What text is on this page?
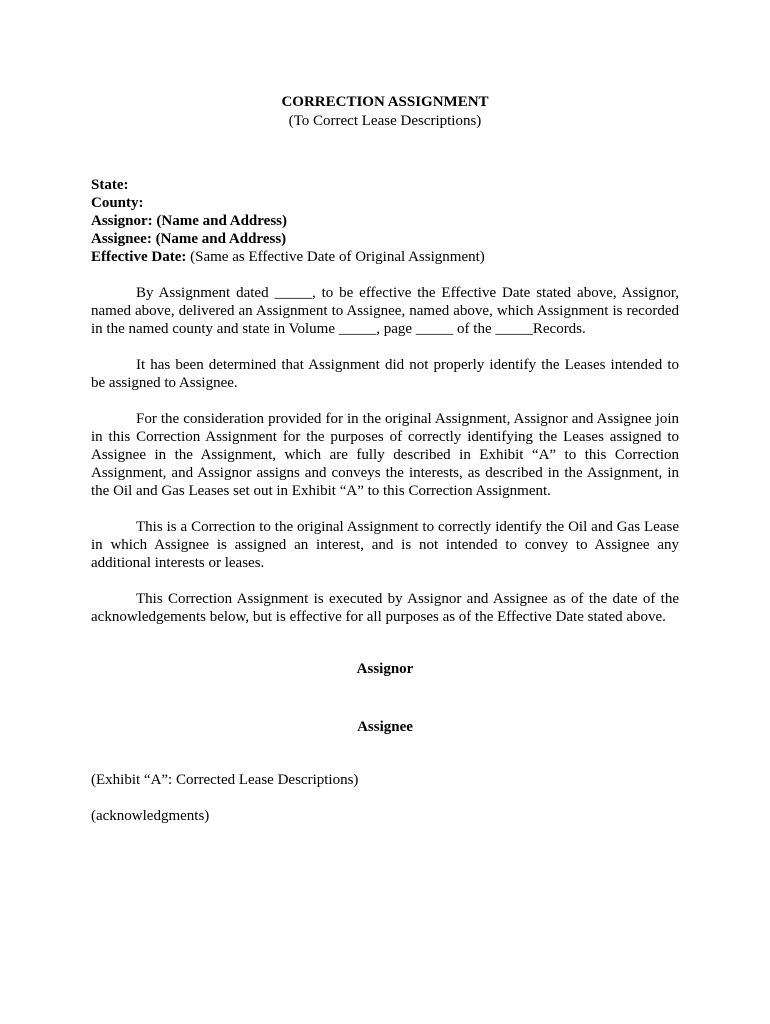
CORRECTION ASSIGNMENT
(To Correct Lease Descriptions)
State:
County:
Assignor: (Name and Address)
Assignee: (Name and Address)
Effective Date: (Same as Effective Date of Original Assignment)

By Assignment dated _____, to be effective the Effective Date stated above, Assignor, named above, delivered an Assignment to Assignee, named above, which Assignment is recorded in the named county and state in Volume _____, page _____ of the _____Records.

It has been determined that Assignment did not properly identify the Leases intended to be assigned to Assignee.

For the consideration provided for in the original Assignment, Assignor and Assignee join in this Correction Assignment for the purposes of correctly identifying the Leases assigned to Assignee in the Assignment, which are fully described in Exhibit “A” to this Correction Assignment, and Assignor assigns and conveys the interests, as described in the Assignment, in the Oil and Gas Leases set out in Exhibit “A” to this Correction Assignment.

This is a Correction to the original Assignment to correctly identify the Oil and Gas Lease in which Assignee is assigned an interest, and is not intended to convey to Assignee any additional interests or leases.

This Correction Assignment is executed by Assignor and Assignee as of the date of the acknowledgements below, but is effective for all purposes as of the Effective Date stated above.

Assignor
Assignee
(Exhibit “A”: Corrected Lease Descriptions)
(acknowledgments)
